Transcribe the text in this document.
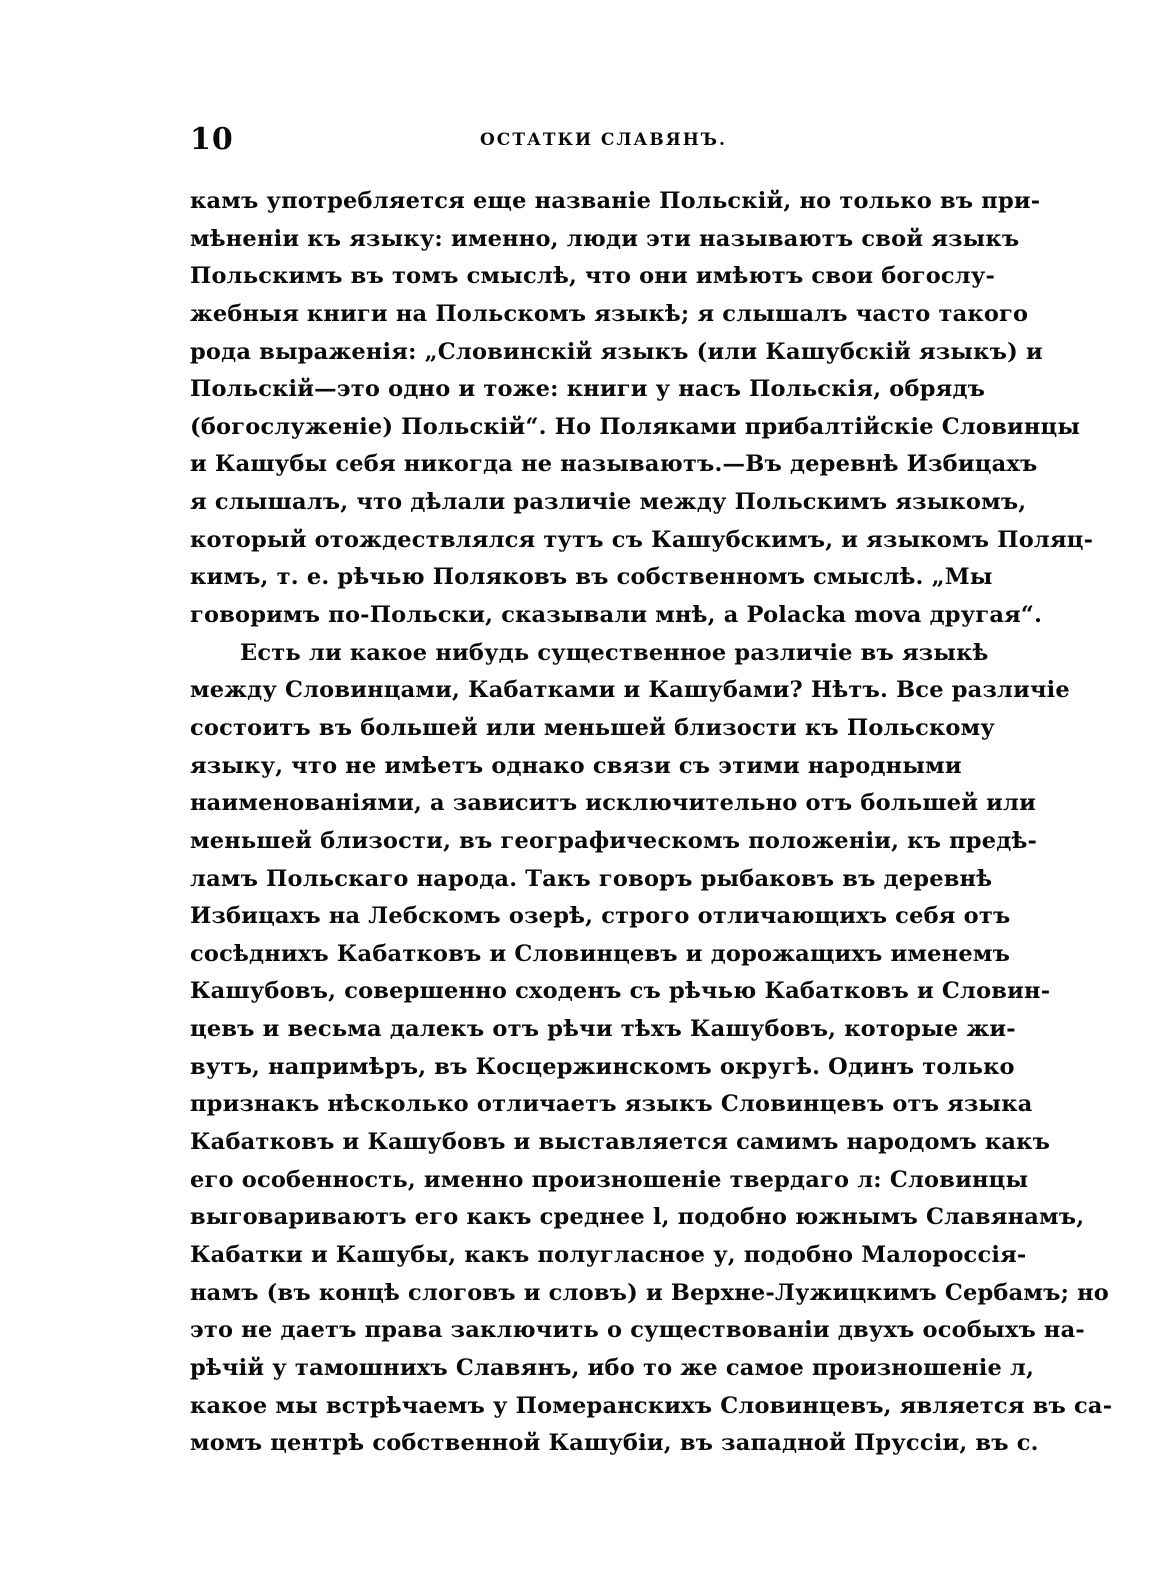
10	ОСТАТКИ СЛАВЯНЪ.
камъ употребляется еще названіе Польскій, но только въ при-
мѣненіи къ языку: именно, люди эти называютъ свой языкъ
Польскимъ въ томъ смыслѣ, что они имѣютъ свои богослу-
жебныя книги на Польскомъ языкѣ; я слышалъ часто такого
рода выраженія: „Словинскій языкъ (или Кашубскій языкъ) и
Польскій—это одно и тоже: книги у насъ Польскія, обрядъ
(богослуженіе) Польскій“. Но Поляками прибалтійскіе Словинцы
и Кашубы себя никогда не называютъ.—Въ деревнѣ Избицахъ
я слышалъ, что дѣлали различіе между Польскимъ языкомъ,
который отождествлялся тутъ съ Кашубскимъ, и языкомъ Поляц-
кимъ, т. е. рѣчью Поляковъ въ собственномъ смыслѣ. „Мы
говоримъ по-Польски, сказывали мнѣ, а Polacka mova другая“.
Есть ли какое нибудь существенное различіе въ языкѣ
между Словинцами, Кабатками и Кашубами? Нѣтъ. Все различіе
состоитъ въ большей или меньшей близости къ Польскому
языку, что не имѣетъ однако связи съ этими народными
наименованіями, а зависитъ исключительно отъ большей или
меньшей близости, въ географическомъ положеніи, къ предѣ-
ламъ Польскаго народа. Такъ говоръ рыбаковъ въ деревнѣ
Избицахъ на Лебскомъ озерѣ, строго отличающихъ себя отъ
сосѣднихъ Кабатковъ и Словинцевъ и дорожащихъ именемъ
Кашубовъ, совершенно сходенъ съ рѣчью Кабатковъ и Словин-
цевъ и весьма далекъ отъ рѣчи тѣхъ Кашубовъ, которые жи-
вутъ, напримѣръ, въ Косцержинскомъ округѣ. Одинъ только
признакъ нѣсколько отличаетъ языкъ Словинцевъ отъ языка
Кабатковъ и Кашубовъ и выставляется самимъ народомъ какъ
его особенность, именно произношеніе твердаго л: Словинцы
выговариваютъ его какъ среднее l, подобно южнымъ Славянамъ,
Кабатки и Кашубы, какъ полугласное у, подобно Малороссія-
намъ (въ концѣ слоговъ и словъ) и Верхне-Лужицкимъ Сербамъ; но
это не даетъ права заключить о существованіи двухъ особыхъ на-
рѣчій у тамошнихъ Славянъ, ибо то же самое произношеніе л,
какое мы встрѣчаемъ у Померанскихъ Словинцевъ, является въ са-
момъ центрѣ собственной Кашубіи, въ западной Пруссіи, въ с.
